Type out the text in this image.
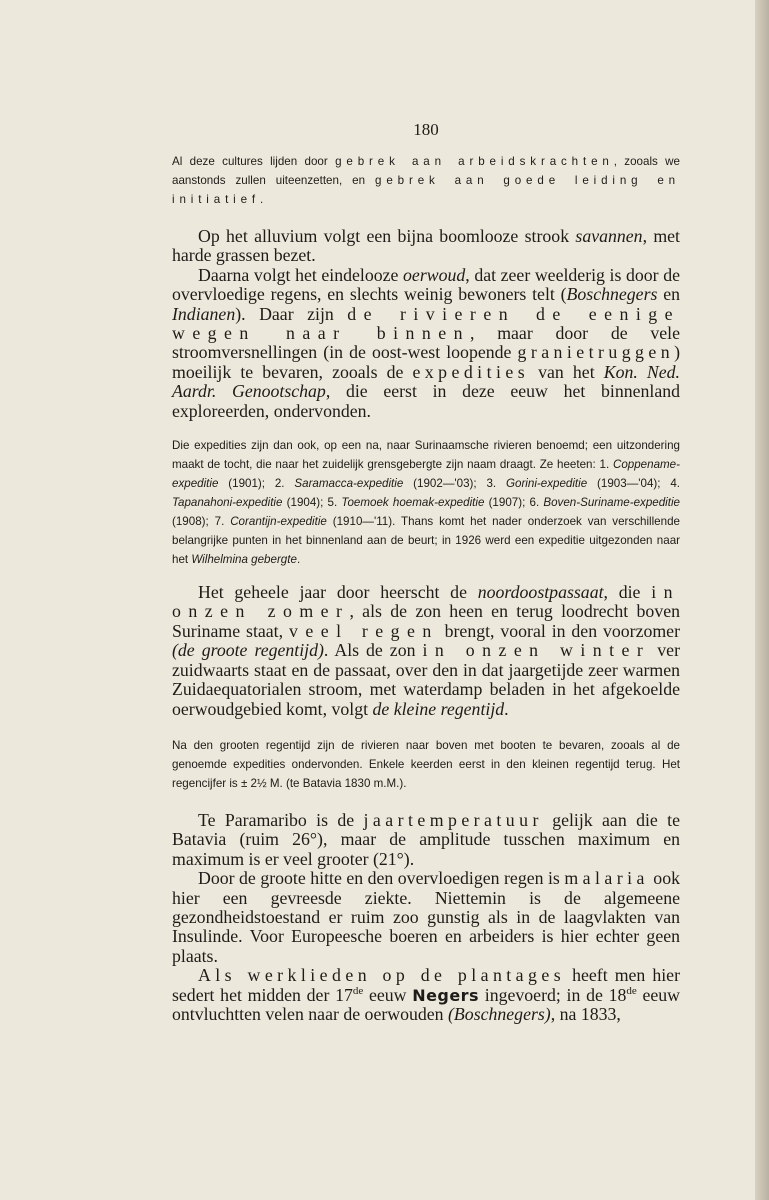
180

Al deze cultures lijden door gebrek aan arbeidskrachten, zooals we aanstonds zullen uiteenzetten, en gebrek aan goede leiding en initiatief.

Op het alluvium volgt een bijna boomlooze strook savannen, met harde grassen bezet.

Daarna volgt het eindelooze oerwoud, dat zeer weelderig is door de overvloedige regens, en slechts weinig bewoners telt (Boschnegers en Indianen). Daar zijn de rivieren de eenige wegen naar binnen, maar door de vele stroomversnellingen (in de oost-west loopende granietruggen) moeilijk te bevaren, zooals de expedities van het Kon. Ned. Aardr. Genootschap, die eerst in deze eeuw het binnenland exploreerden, ondervonden.

Die expedities zijn dan ook, op een na, naar Surinaamsche rivieren benoemd; een uitzondering maakt de tocht, die naar het zuidelijk grensgebergte zijn naam draagt. Ze heeten: 1. Coppename-expeditie (1901); 2. Saramacca-expeditie (1902—'03); 3. Gorini-expeditie (1903—'04); 4. Tapanahoni-expeditie (1904); 5. Toemoek hoemak-expeditie (1907); 6. Boven-Suriname-expeditie (1908); 7. Corantijn-expeditie (1910—'11). Thans komt het nader onderzoek van verschillende belangrijke punten in het binnenland aan de beurt; in 1926 werd een expeditie uitgezonden naar het Wilhelmina gebergte.

Het geheele jaar door heerscht de noordoostpassaat, die in onzen zomer, als de zon heen en terug loodrecht boven Suriname staat, veel regen brengt, vooral in den voorzomer (de groote regentijd). Als de zon in onzen winter ver zuidwaarts staat en de passaat, over den in dat jaargetijde zeer warmen Zuidaequatorialen stroom, met waterdamp beladen in het afgekoelde oerwoudgebied komt, volgt de kleine regentijd.

Na den grooten regentijd zijn de rivieren naar boven met booten te bevaren, zooals al de genoemde expedities ondervonden. Enkele keerden eerst in den kleinen regentijd terug. Het regencijfer is ± 2½ M. (te Batavia 1830 m.M.).

Te Paramaribo is de jaartemperatuur gelijk aan die te Batavia (ruim 26°), maar de amplitude tusschen maximum en maximum is er veel grooter (21°).

Door de groote hitte en den overvloedigen regen is malaria ook hier een gevreesde ziekte. Niettemin is de algemeene gezondheidstoestand er ruim zoo gunstig als in de laagvlakten van Insulinde. Voor Europeesche boeren en arbeiders is hier echter geen plaats.

Als werklieden op de plantages heeft men hier sedert het midden der 17de eeuw Negers ingevoerd; in de 18de eeuw ontvluchtten velen naar de oerwouden (Boschnegers), na 1833,
